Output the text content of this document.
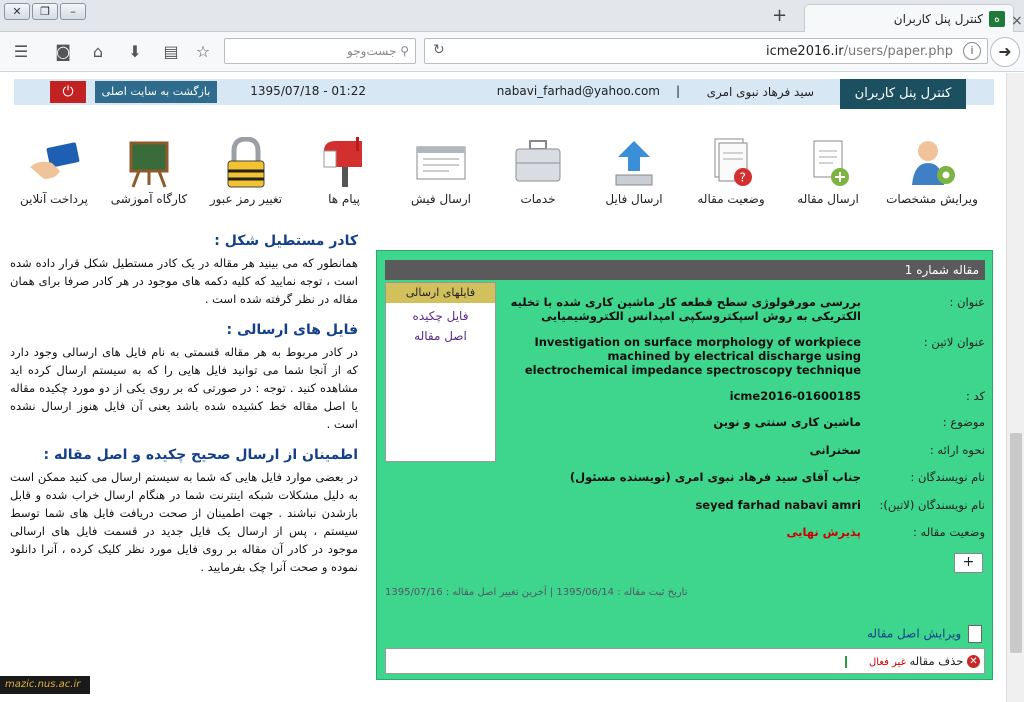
✕	❐	–	+	ه
کنترل پنل کاربران ×
☰ ◙	⌂	⬇ ▤ ☆	⚲ جست‌وجو	↻	icme2016.ir/users/paper.php	i	➜
کنترل پنل کاربران
سید فرهاد نبوی امری
|
nabavi_farhad@yahoo.com
1395/07/18 - 01:22
بازگشت به سایت اصلی
⏻
ویرایش مشخصات
ارسال مقاله
?
وضعیت مقاله
ارسال فایل
خدمات
ارسال فیش
پیام ها
تغییر رمز عبور
کارگاه آموزشی
پرداخت آنلاین
کادر مستطیل شکل :
همانطور که می بینید هر مقاله در یک کادر مستطیل شکل قرار داده شده است ، توجه نمایید که کلیه دکمه های موجود در هر کادر صرفا برای همان مقاله در نظر گرفته شده است .
فایل های ارسالی :
در کادر مربوط به هر مقاله قسمتی به نام فایل های ارسالی وجود دارد که از آنجا شما می توانید فایل هایی را که به سیستم ارسال کرده اید مشاهده کنید . توجه : در صورتی که بر روی یکی از دو مورد چکیده مقاله یا اصل مقاله خط کشیده شده باشد یعنی آن فایل هنوز ارسال نشده است .
اطمینان از ارسال صحیح چکیده و اصل مقاله :
در بعضی موارد فایل هایی که شما به سیستم ارسال می کنید ممکن است به دلیل مشکلات شبکه اینترنت شما در هنگام ارسال خراب شده و قابل بازشدن نباشند . جهت اطمینان از صحت دریافت فایل های شما توسط سیستم ، پس از ارسال یک فایل جدید در قسمت فایل های ارسالی موجود در کادر آن مقاله بر روی فایل مورد نظر کلیک کرده ، آنرا دانلود نموده و صحت آنرا چک بفرمایید .
مقاله شماره 1
فایلهای ارسالی
فایل چکیده
اصل مقاله
عنوان :
بررسی مورفولوژی سطح قطعه کار ماشین کاری شده با تخلیه الکتریکی به روش اسپکتروسکپی امپدانس الکتروشیمیایی
عنوان لاتین :
Investigation on surface morphology of workpiece machined by electrical discharge using electrochemical impedance spectroscopy technique
کد :
icme2016-01600185
موضوع :
ماشین کاری سنتی و نوین
نحوه ارائه :
سخنرانی
نام نویسندگان :
جناب آقای سید فرهاد نبوی امری (نویسنده مسئول)
نام نویسندگان (لاتین):
seyed farhad nabavi amri
وضعیت مقاله :
پذیرش نهایی
+
تاریخ ثبت مقاله : 1395/06/14 | آخرین تغییر اصل مقاله : 1395/07/16
ویرایش اصل مقاله
✕ حذف مقاله غیر فعال
mazic.nus.ac.ir
